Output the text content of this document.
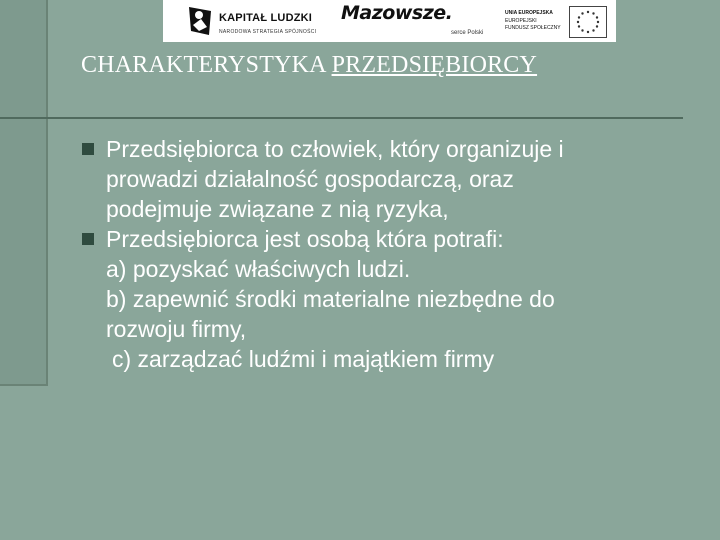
KAPITAŁ LUDZKI
NARODOWA STRATEGIA SPÓJNOŚCI
Mazowsze.
serce Polski
UNIA EUROPEJSKA
EUROPEJSKI
FUNDUSZ SPOŁECZNY
CHARAKTERYSTYKA PRZEDSIĘBIORCY
Przedsiębiorca to człowiek, który organizuje i
prowadzi działalność gospodarczą, oraz
podejmuje związane z nią ryzyka,
Przedsiębiorca jest osobą która potrafi:
a) pozyskać właściwych ludzi.
b) zapewnić środki materialne niezbędne do
rozwoju firmy,
c) zarządzać ludźmi i majątkiem firmy
